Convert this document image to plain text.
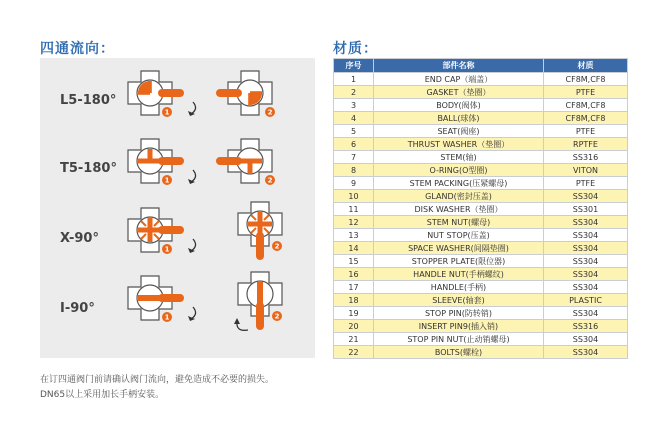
四通流向：	材质：
L5-180°
T5-180°
X-90°
I-90°
1	2
1	2
1	2
1	2
在订四通阀门前请确认阀门流向，避免造成不必要的损失。
DN65以上采用加长手柄安装。
序号	部件名称	材质
1	END CAP（端盖）	CF8M,CF8
2	GASKET（垫圈）	PTFE
3	BODY(阀体)	CF8M,CF8
4	BALL(球体)	CF8M,CF8
5	SEAT(阀座)	PTFE
6	THRUST WASHER（垫圈）	RPTFE
7	STEM(轴)	SS316
8	O-RING(O型圈)	VITON
9	STEM PACKING(压紧螺母)	PTFE
10	GLAND(密封压盖)	SS304
11	DISK WASHER（垫圈）	SS301
12	STEM NUT(螺母)	SS304
13	NUT STOP(压盖)	SS304
14	SPACE WASHER(间隔垫圈)	SS304
15	STOPPER PLATE(限位器)	SS304
16	HANDLE NUT(手柄螺纹)	SS304
17	HANDLE(手柄)	SS304
18	SLEEVE(轴套)	PLASTIC
19	STOP PIN(防转销)	SS304
20	INSERT PIN9(插入销)	SS316
21	STOP PIN NUT(止动销螺母)	SS304
22	BOLTS(螺栓)	SS304
